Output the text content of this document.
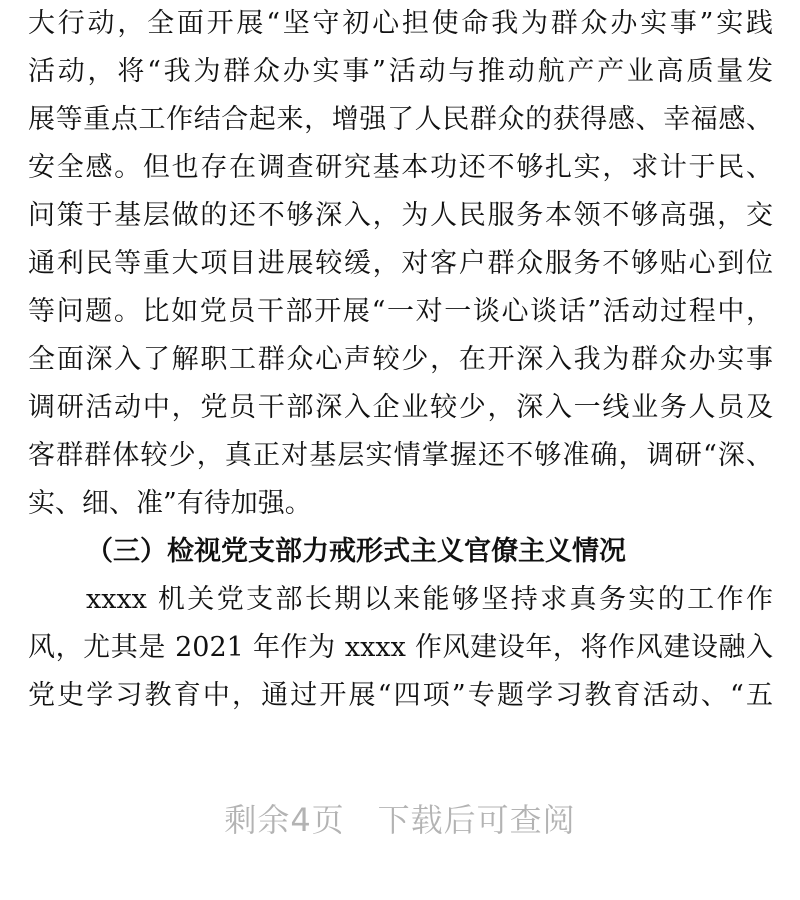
大行动，全面开展“坚守初心担使命我为群众办实事”实践
活动，将“我为群众办实事”活动与推动航产产业高质量发
展等重点工作结合起来，增强了人民群众的获得感、幸福感、
安全感。但也存在调查研究基本功还不够扎实，求计于民、
问策于基层做的还不够深入，为人民服务本领不够高强，交
通利民等重大项目进展较缓，对客户群众服务不够贴心到位
等问题。比如党员干部开展“一对一谈心谈话”活动过程中，
全面深入了解职工群众心声较少，在开深入我为群众办实事
调研活动中，党员干部深入企业较少，深入一线业务人员及
客群群体较少，真正对基层实情掌握还不够准确，调研“深、
实、细、准”有待加强。
（三）检视党支部力戒形式主义官僚主义情况
xxxx 机关党支部长期以来能够坚持求真务实的工作作
风，尤其是 2021 年作为 xxxx 作风建设年，将作风建设融入
党史学习教育中，通过开展“四项”专题学习教育活动、“五
剩余4页　下载后可查阅
